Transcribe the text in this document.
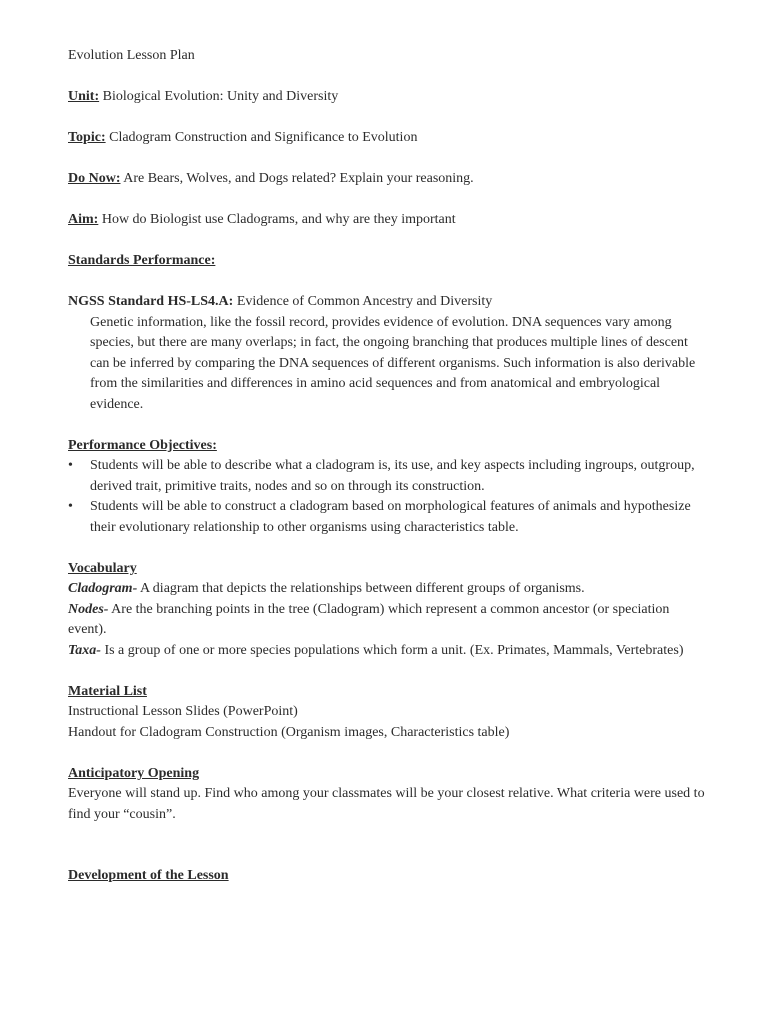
Evolution Lesson Plan

Unit: Biological Evolution: Unity and Diversity

Topic: Cladogram Construction and Significance to Evolution

Do Now: Are Bears, Wolves, and Dogs related? Explain your reasoning.

Aim: How do Biologist use Cladograms, and why are they important

Standards Performance:

NGSS Standard HS-LS4.A: Evidence of Common Ancestry and Diversity

Genetic information, like the fossil record, provides evidence of evolution. DNA sequences vary among species, but there are many overlaps; in fact, the ongoing branching that produces multiple lines of descent can be inferred by comparing the DNA sequences of different organisms. Such information is also derivable from the similarities and differences in amino acid sequences and from anatomical and embryological evidence.

Performance Objectives:

• Students will be able to describe what a cladogram is, its use, and key aspects including ingroups, outgroup, derived trait, primitive traits, nodes and so on through its construction.
• Students will be able to construct a cladogram based on morphological features of animals and hypothesize their evolutionary relationship to other organisms using characteristics table.

Vocabulary

Cladogram- A diagram that depicts the relationships between different groups of organisms.

Nodes- Are the branching points in the tree (Cladogram) which represent a common ancestor (or speciation event).

Taxa- Is a group of one or more species populations which form a unit. (Ex. Primates, Mammals, Vertebrates)

Material List

Instructional Lesson Slides (PowerPoint)

Handout for Cladogram Construction (Organism images, Characteristics table)

Anticipatory Opening

Everyone will stand up. Find who among your classmates will be your closest relative. What criteria were used to find your “cousin”.

Development of the Lesson
